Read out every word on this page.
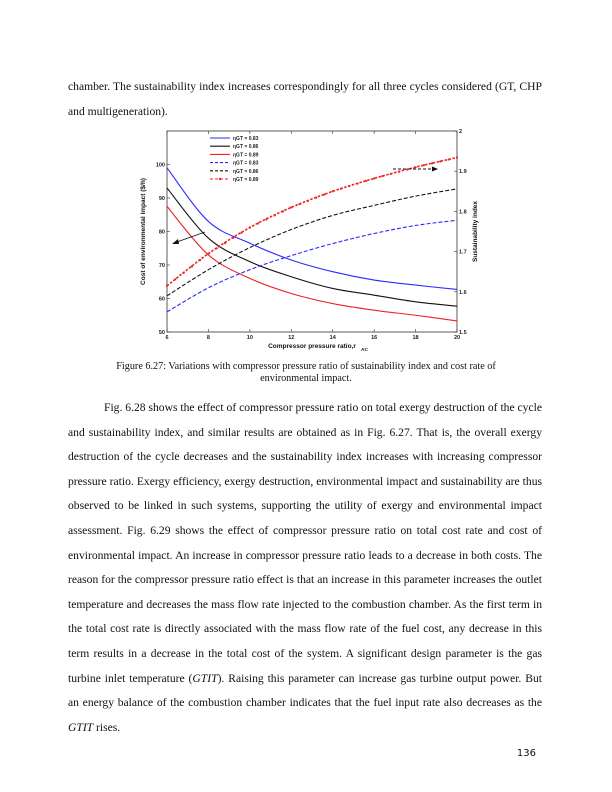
chamber. The sustainability index increases correspondingly for all three cycles considered (GT, CHP and multigeneration).
6	8	10	12	14	16	18	20
50
60
70
80
90
100
1.5
1.6
1.7
1.8
1.9
2
Compressor pressure ratio,r
AC
Cost of environmental impact ($/h)	Sustainability index
ηGT = 0.83
ηGT = 0.86
ηGT = 0.89
ηGT = 0.83
ηGT = 0.86
ηGT = 0.89
Figure 6.27: Variations with compressor pressure ratio of sustainability index and cost rate of environmental impact.
Fig. 6.28 shows the effect of compressor pressure ratio on total exergy destruction of the cycle and sustainability index, and similar results are obtained as in Fig. 6.27. That is, the overall exergy destruction of the cycle decreases and the sustainability index increases with increasing compressor pressure ratio. Exergy efficiency, exergy destruction, environmental impact and sustainability are thus observed to be linked in such systems, supporting the utility of exergy and environmental impact assessment. Fig. 6.29 shows the effect of compressor pressure ratio on total cost rate and cost of environmental impact. An increase in compressor pressure ratio leads to a decrease in both costs. The reason for the compressor pressure ratio effect is that an increase in this parameter increases the outlet temperature and decreases the mass flow rate injected to the combustion chamber. As the first term in the total cost rate is directly associated with the mass flow rate of the fuel cost, any decrease in this term results in a decrease in the total cost of the system. A significant design parameter is the gas turbine inlet temperature (GTIT). Raising this parameter can increase gas turbine output power. But an energy balance of the combustion chamber indicates that the fuel input rate also decreases as the GTIT rises.
136
